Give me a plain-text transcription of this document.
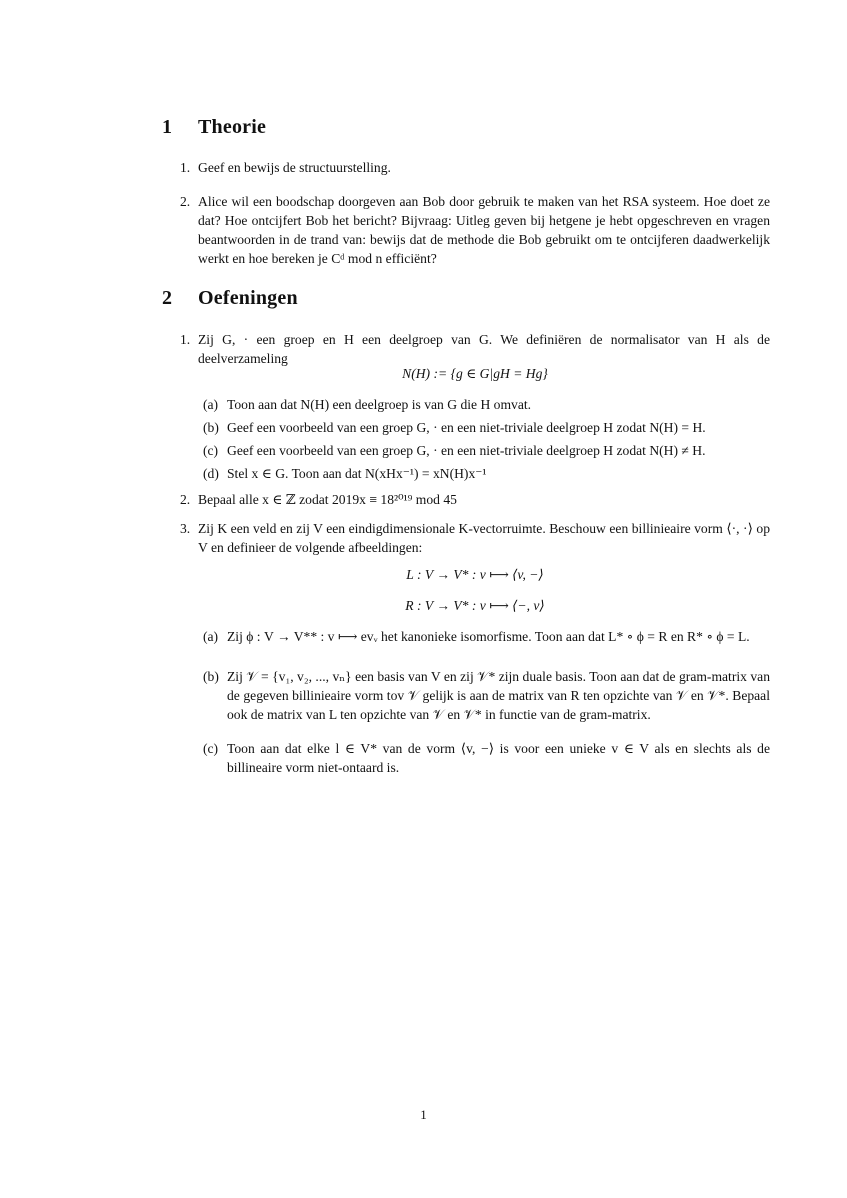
1 Theorie
1. Geef en bewijs de structuurstelling.
2. Alice wil een boodschap doorgeven aan Bob door gebruik te maken van het RSA systeem. Hoe doet ze dat? Hoe ontcijfert Bob het bericht? Bijvraag: Uitleg geven bij hetgene je hebt opgeschreven en vragen beantwoorden in de trand van: bewijs dat de methode die Bob gebruikt om te ontcijferen daadwerkelijk werkt en hoe bereken je Cᵈ mod n efficiënt?
2 Oefeningen
1. Zij G, · een groep en H een deelgroep van G. We definiëren de normalisator van H als de deelverzameling
N(H) := {g ∈ G|gH = Hg}
(a) Toon aan dat N(H) een deelgroep is van G die H omvat.
(b) Geef een voorbeeld van een groep G, · en een niet-triviale deelgroep H zodat N(H) = H.
(c) Geef een voorbeeld van een groep G, · en een niet-triviale deelgroep H zodat N(H) ≠ H.
(d) Stel x ∈ G. Toon aan dat N(xHx⁻¹) = xN(H)x⁻¹
2. Bepaal alle x ∈ ℤ zodat 2019x ≡ 18²⁰¹⁹ mod 45
3. Zij K een veld en zij V een eindigdimensionale K-vectorruimte. Beschouw een billinieaire vorm ⟨·, ·⟩ op V en definieer de volgende afbeeldingen:
L : V → V* : v ⟼ ⟨v, −⟩
R : V → V* : v ⟼ ⟨−, v⟩
(a) Zij ϕ : V → V** : v ⟼ evᵥ het kanonieke isomorfisme. Toon aan dat L* ∘ ϕ = R en R* ∘ ϕ = L.
(b) Zij 𝒱 = {v₁, v₂, ..., vₙ} een basis van V en zij 𝒱* zijn duale basis. Toon aan dat de gram-matrix van de gegeven billinieaire vorm tov 𝒱 gelijk is aan de matrix van R ten opzichte van 𝒱 en 𝒱*. Bepaal ook de matrix van L ten opzichte van 𝒱 en 𝒱* in functie van de gram-matrix.
(c) Toon aan dat elke l ∈ V* van de vorm ⟨v, −⟩ is voor een unieke v ∈ V als en slechts als de billineaire vorm niet-ontaard is.
1
